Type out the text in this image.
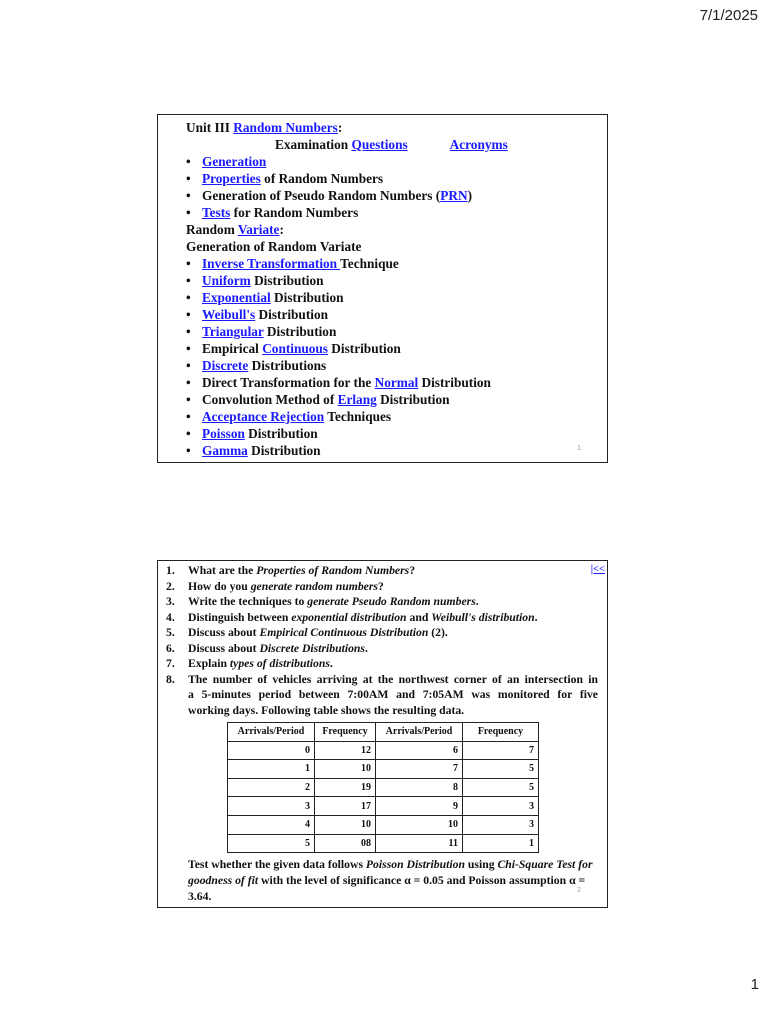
7/1/2025
Unit III Random Numbers:
Examination Questions	Acronyms
• Generation
• Properties of Random Numbers
• Generation of Pseudo Random Numbers (PRN)
• Tests for Random Numbers
Random Variate:
Generation of Random Variate
• Inverse Transformation Technique
• Uniform Distribution
• Exponential Distribution
• Weibull's Distribution
• Triangular Distribution
• Empirical Continuous Distribution
• Discrete Distributions
• Direct Transformation for the Normal Distribution
• Convolution Method of Erlang Distribution
• Acceptance Rejection Techniques
• Poisson Distribution
• Gamma Distribution	1
|<<
1. What are the Properties of Random Numbers?
2. How do you generate random numbers?
3. Write the techniques to generate Pseudo Random numbers.
4. Distinguish between exponential distribution and Weibull's distribution.
5. Discuss about Empirical Continuous Distribution (2).
6. Discuss about Discrete Distributions.
7. Explain types of distributions.
8. The number of vehicles arriving at the northwest corner of an intersection in
a 5-minutes period between 7:00AM and 7:05AM was monitored for five
working days. Following table shows the resulting data.
Arrivals/Period	Frequency	Arrivals/Period	Frequency
0	12	6	7
1	10	7	5
2	19	8	5
3	17	9	3
4	10	10	3
5	08	11	1
Test whether the given data follows Poisson Distribution using Chi-Square Test for goodness of fit with the level of significance α = 0.05 and Poisson assumption α = 3.64.	2
1
